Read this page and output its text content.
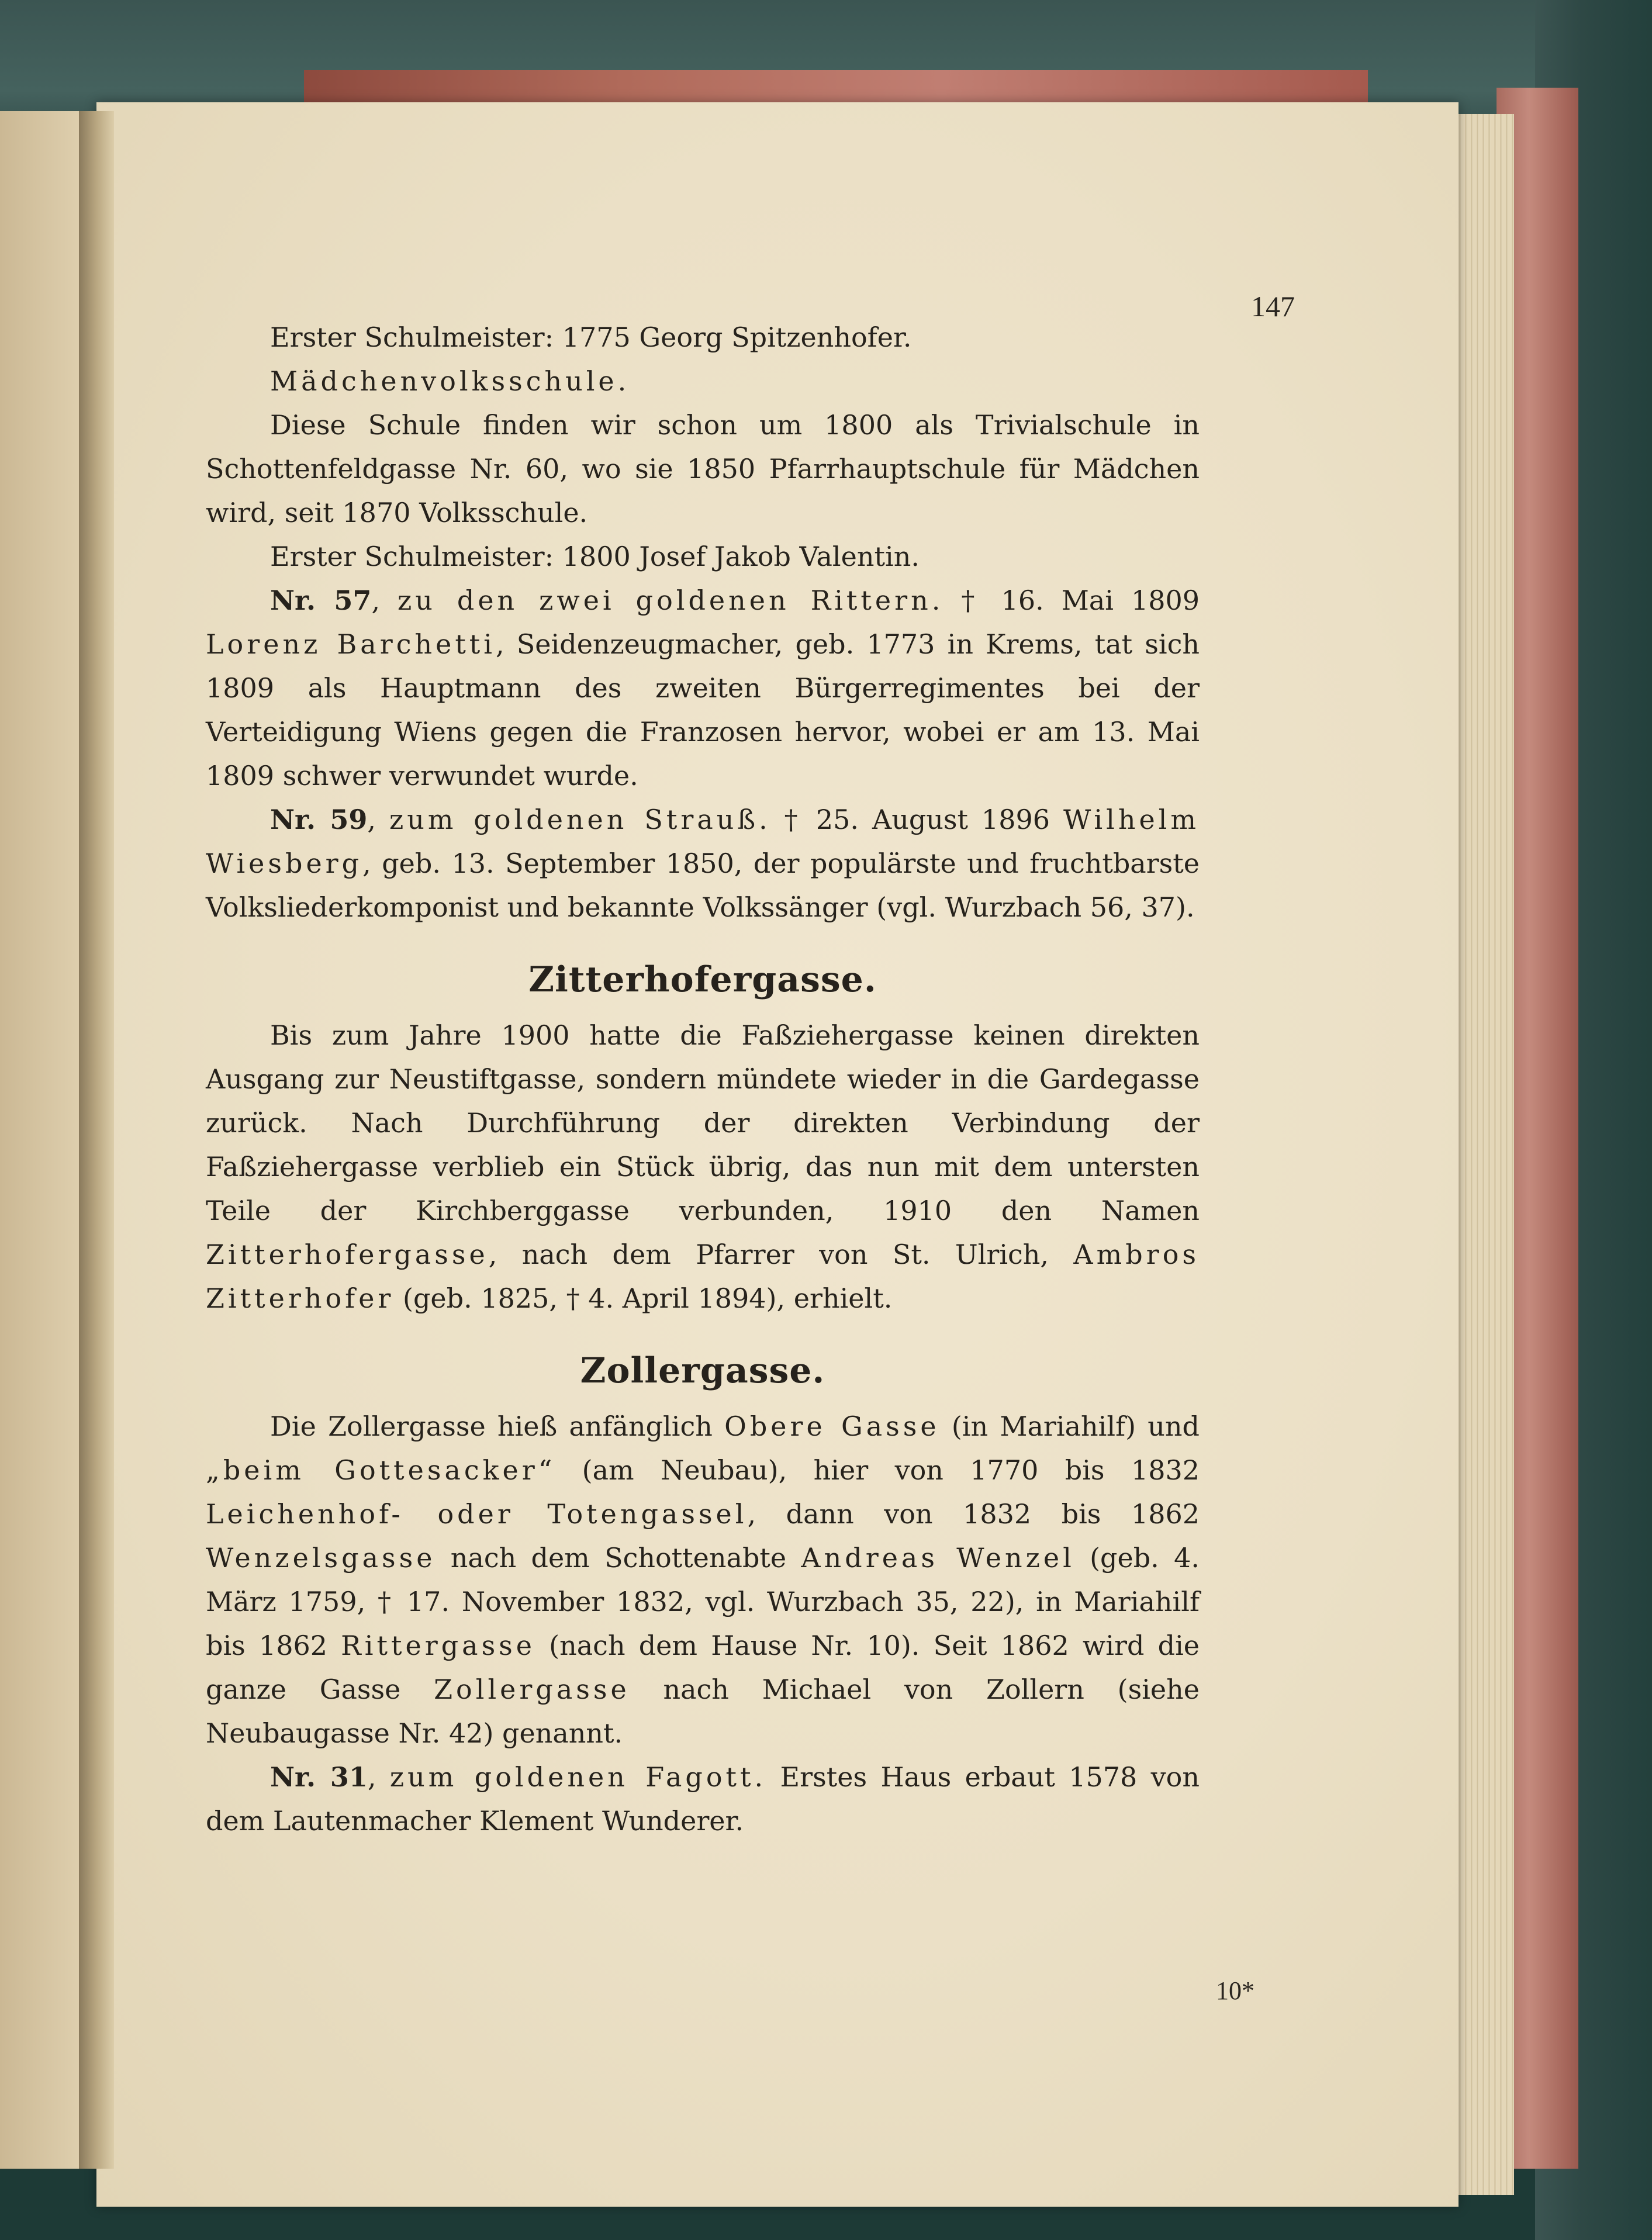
147
10*

Erster Schulmeister: 1775 Georg Spitzenhofer.

Mädchenvolksschule.

Diese Schule finden wir schon um 1800 als Trivialschule in Schottenfeldgasse Nr. 60, wo sie 1850 Pfarrhauptschule für Mädchen wird, seit 1870 Volksschule.

Erster Schulmeister: 1800 Josef Jakob Valentin.

Nr. 57, zu den zwei goldenen Rittern. † 16. Mai 1809 Lorenz Barchetti, Seidenzeugmacher, geb. 1773 in Krems, tat sich 1809 als Hauptmann des zweiten Bürgerregimentes bei der Verteidigung Wiens gegen die Franzosen hervor, wobei er am 13. Mai 1809 schwer verwundet wurde.

Nr. 59, zum goldenen Strauß. † 25. August 1896 Wilhelm Wiesberg, geb. 13. September 1850, der populärste und fruchtbarste Volksliederkomponist und bekannte Volkssänger (vgl. Wurzbach 56, 37).

Zitterhofergasse.

Bis zum Jahre 1900 hatte die Faßziehergasse keinen direkten Ausgang zur Neustiftgasse, sondern mündete wieder in die Gardegasse zurück. Nach Durchführung der direkten Verbindung der Faßziehergasse verblieb ein Stück übrig, das nun mit dem untersten Teile der Kirchberggasse verbunden, 1910 den Namen Zitterhofergasse, nach dem Pfarrer von St. Ulrich, Ambros Zitterhofer (geb. 1825, † 4. April 1894), erhielt.

Zollergasse.

Die Zollergasse hieß anfänglich Obere Gasse (in Mariahilf) und „beim Gottesacker“ (am Neubau), hier von 1770 bis 1832 Leichenhof- oder Totengassel, dann von 1832 bis 1862 Wenzelsgasse nach dem Schottenabte Andreas Wenzel (geb. 4. März 1759, † 17. November 1832, vgl. Wurzbach 35, 22), in Mariahilf bis 1862 Rittergasse (nach dem Hause Nr. 10). Seit 1862 wird die ganze Gasse Zollergasse nach Michael von Zollern (siehe Neubaugasse Nr. 42) genannt.

Nr. 31, zum goldenen Fagott. Erstes Haus erbaut 1578 von dem Lautenmacher Klement Wunderer.
